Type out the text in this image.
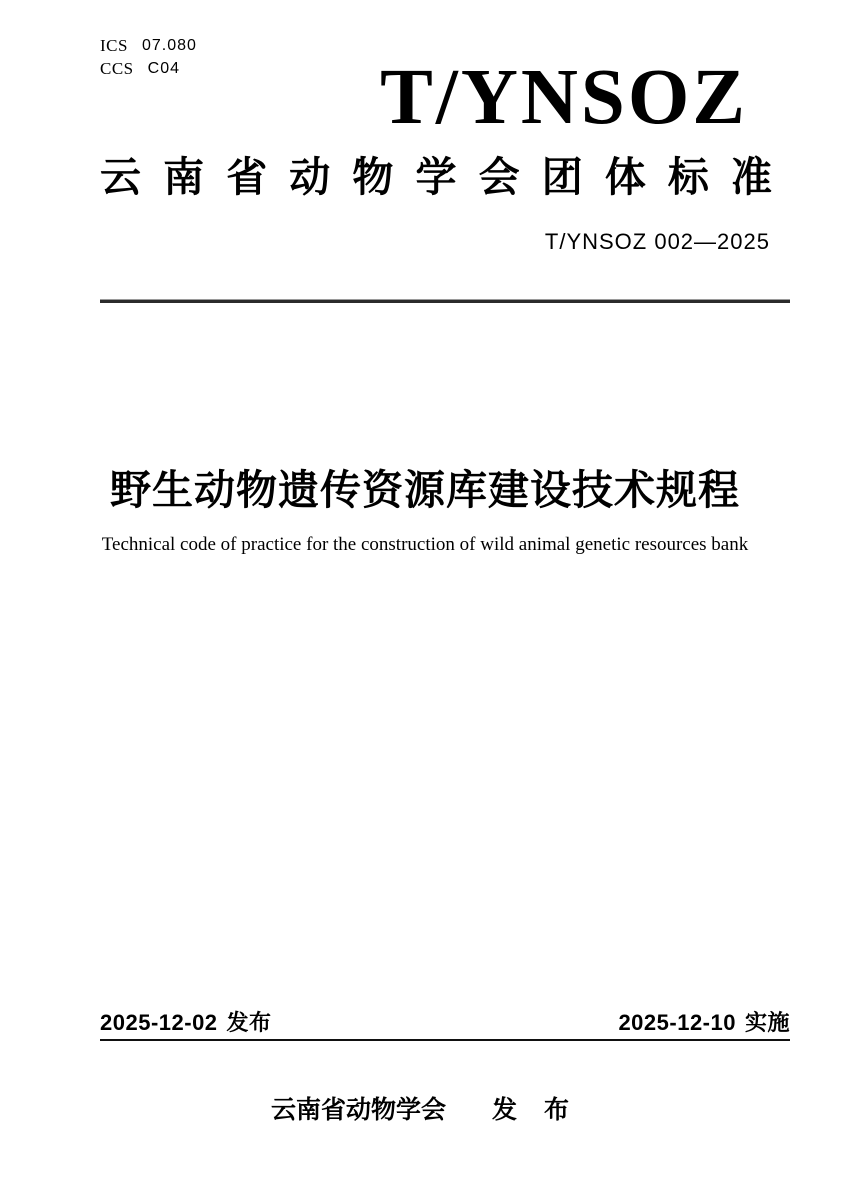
ICS 07.080
CCS C04	T/YNSOZ
云 南 省 动 物 学 会 团 体 标 准
T/YNSOZ 002—2025
野生动物遗传资源库建设技术规程
Technical code of practice for the construction of wild animal genetic resources bank
2025-12-02 发布	2025-12-10 实施
云南省动物学会 发 布
